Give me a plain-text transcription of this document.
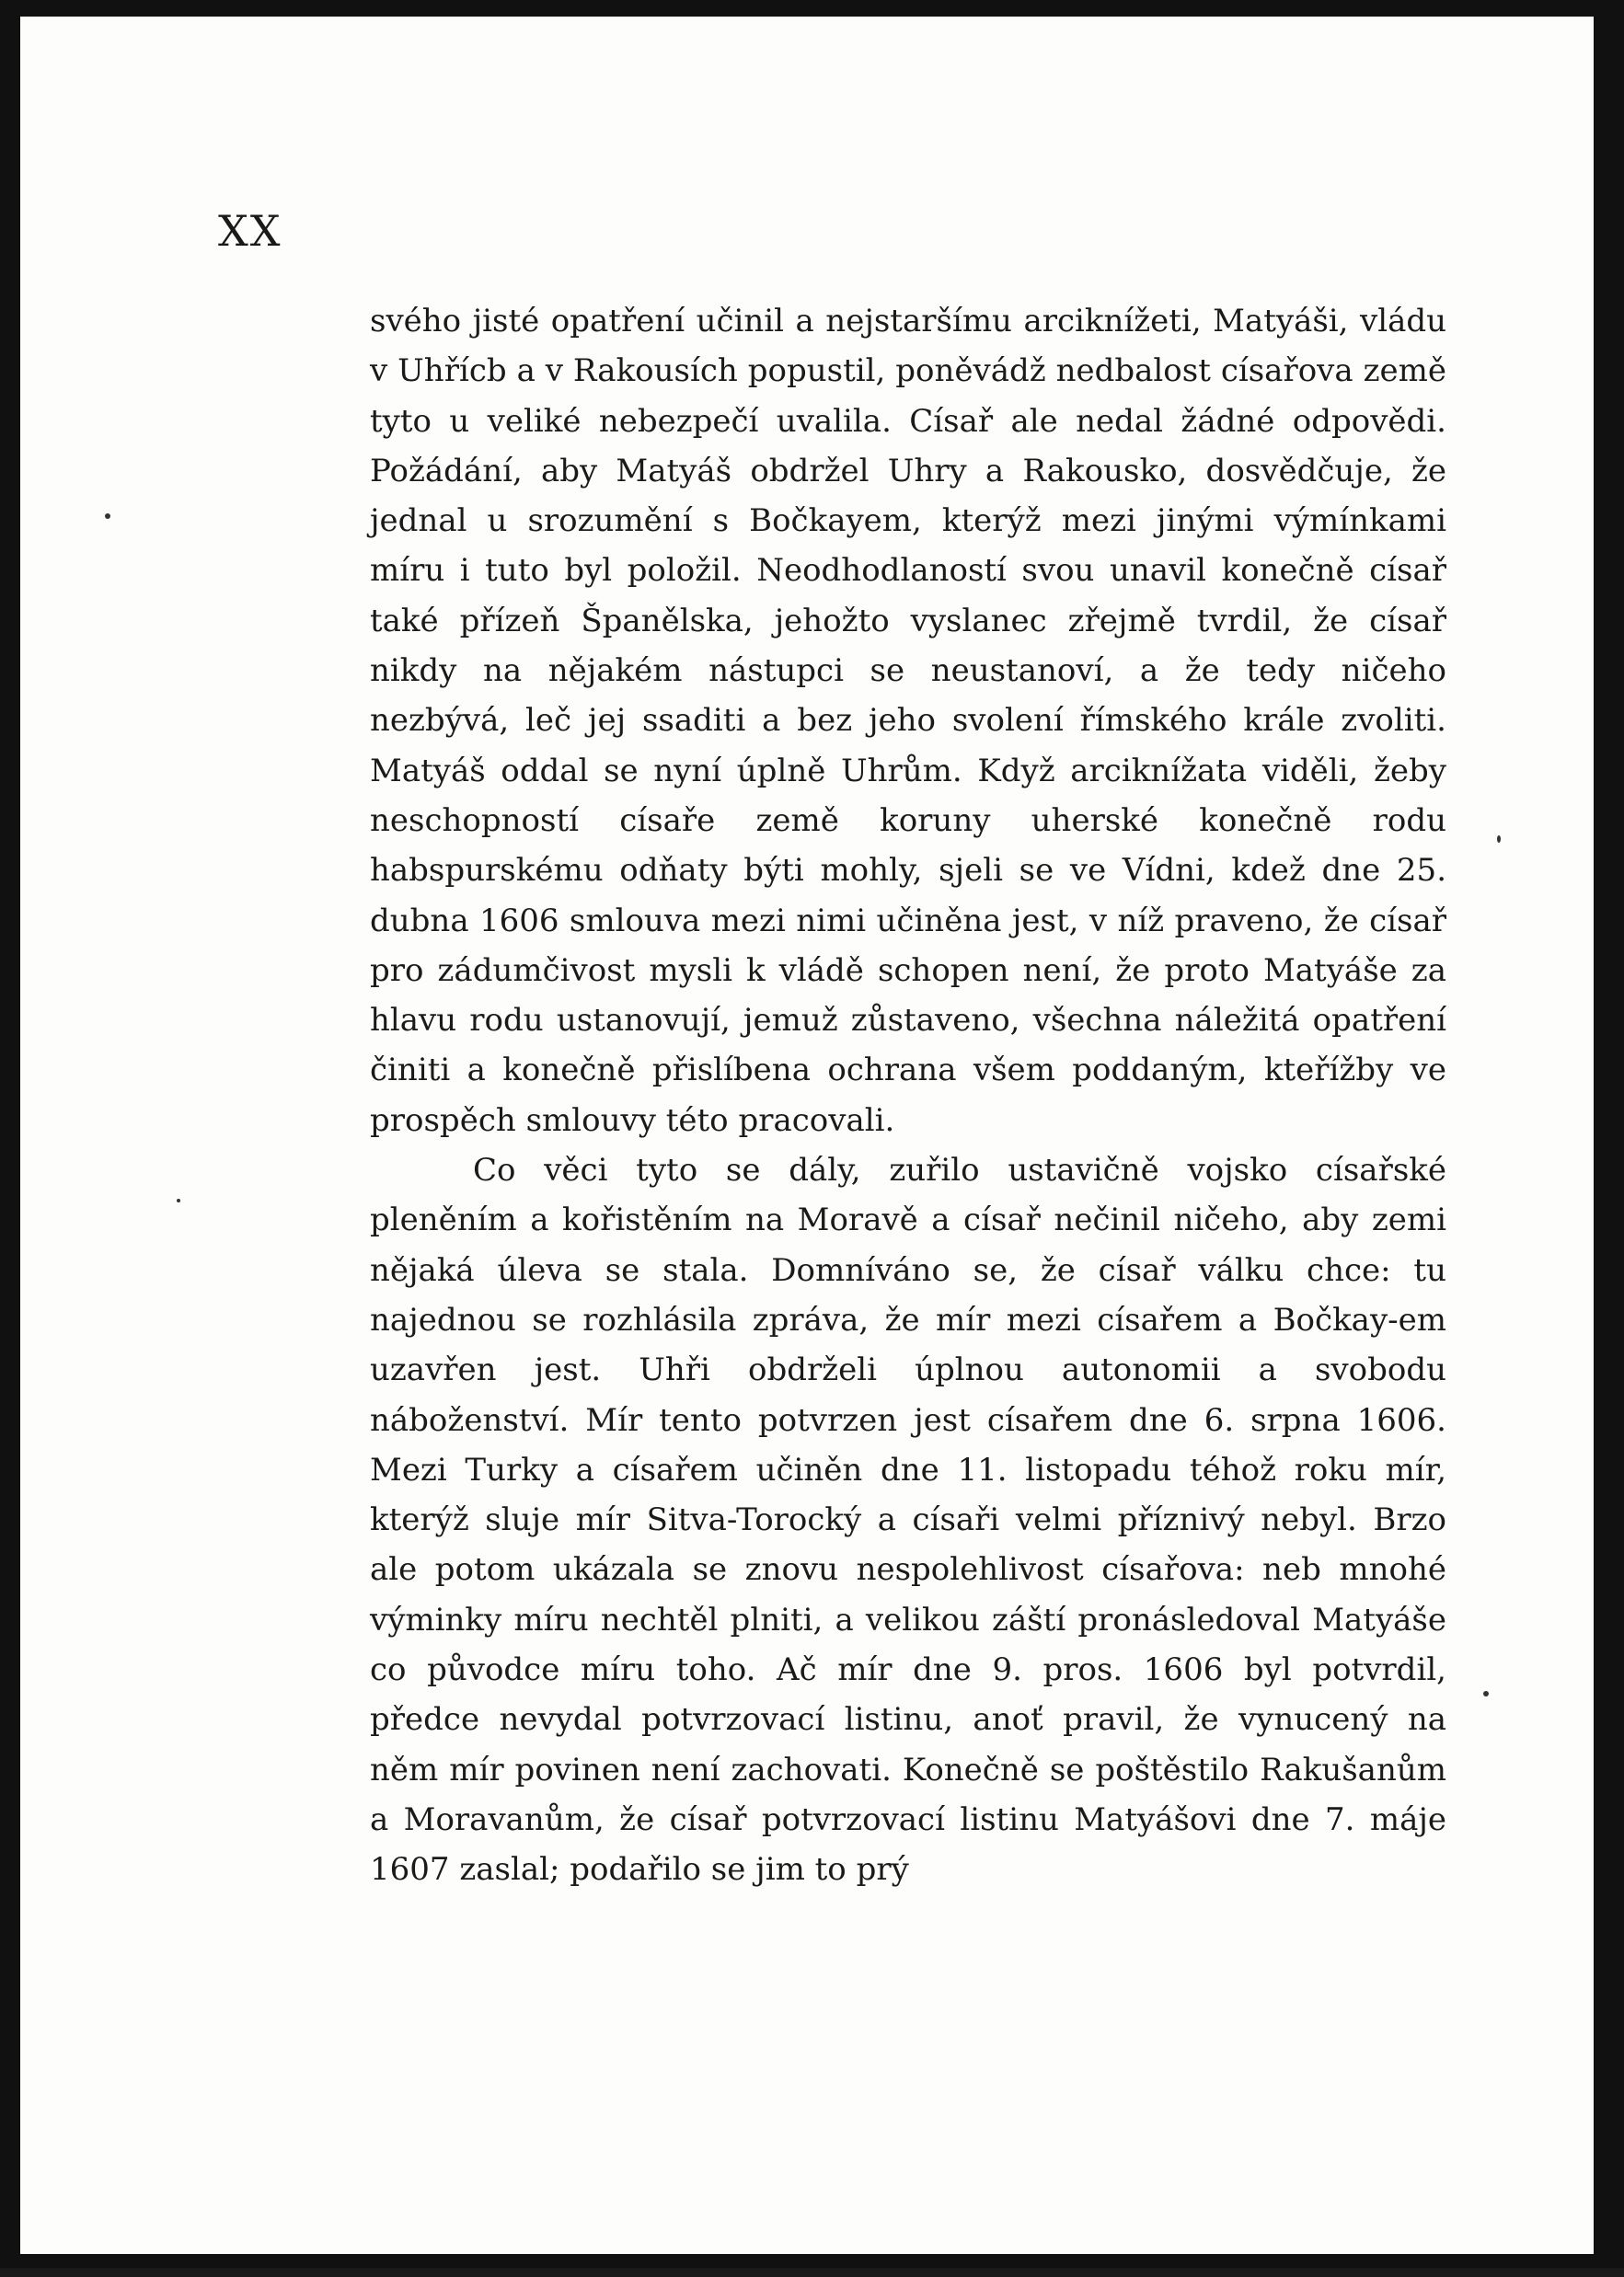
XX

svého jisté opatření učinil a nejstaršímu arciknížeti, Matyáši, vládu v Uhřícb a v Rakousích popustil, poněvádž nedbalost císařova země tyto u veliké nebezpečí uvalila. Císař ale nedal žádné odpovědi. Požádání, aby Matyáš obdržel Uhry a Rakousko, dosvědčuje, že jednal u srozumění s Bočkayem, kterýž mezi jinými výmínkami míru i tuto byl položil. Neodhodlaností svou unavil konečně císař také přízeň Španělska, jehožto vyslanec zřejmě tvrdil, že císař nikdy na nějakém nástupci se neustanoví, a že tedy ničeho nezbývá, leč jej ssaditi a bez jeho svolení římského krále zvoliti. Matyáš oddal se nyní úplně Uhrům. Když arciknížata viděli, žeby neschopností císaře země koruny uherské konečně rodu habspurskému odňaty býti mohly, sjeli se ve Vídni, kdež dne 25. dubna 1606 smlouva mezi nimi učiněna jest, v níž praveno, že císař pro zádumčivost mysli k vládě schopen není, že proto Matyáše za hlavu rodu ustanovují, jemuž zůstaveno, všechna náležitá opatření činiti a konečně přislíbena ochrana všem poddaným, kteřížby ve prospěch smlouvy této pracovali.

Co věci tyto se dály, zuřilo ustavičně vojsko císařské pleněním a kořistěním na Moravě a císař nečinil ničeho, aby zemi nějaká úleva se stala. Domníváno se, že císař válku chce: tu najednou se rozhlásila zpráva, že mír mezi císařem a Bočkay-em uzavřen jest. Uhři obdrželi úplnou autonomii a svobodu náboženství. Mír tento potvrzen jest císařem dne 6. srpna 1606. Mezi Turky a císařem učiněn dne 11. listopadu téhož roku mír, kterýž sluje mír Sitva-Torocký a císaři velmi příznivý nebyl. Brzo ale potom ukázala se znovu nespolehlivost císařova: neb mnohé výminky míru nechtěl plniti, a velikou záští pronásledoval Matyáše co původce míru toho. Ač mír dne 9. pros. 1606 byl potvrdil, předce nevydal potvrzovací listinu, anoť pravil, že vynucený na něm mír povinen není zachovati. Konečně se poštěstilo Rakušanům a Moravanům, že císař potvrzovací listinu Matyášovi dne 7. máje 1607 zaslal; podařilo se jim to prý
